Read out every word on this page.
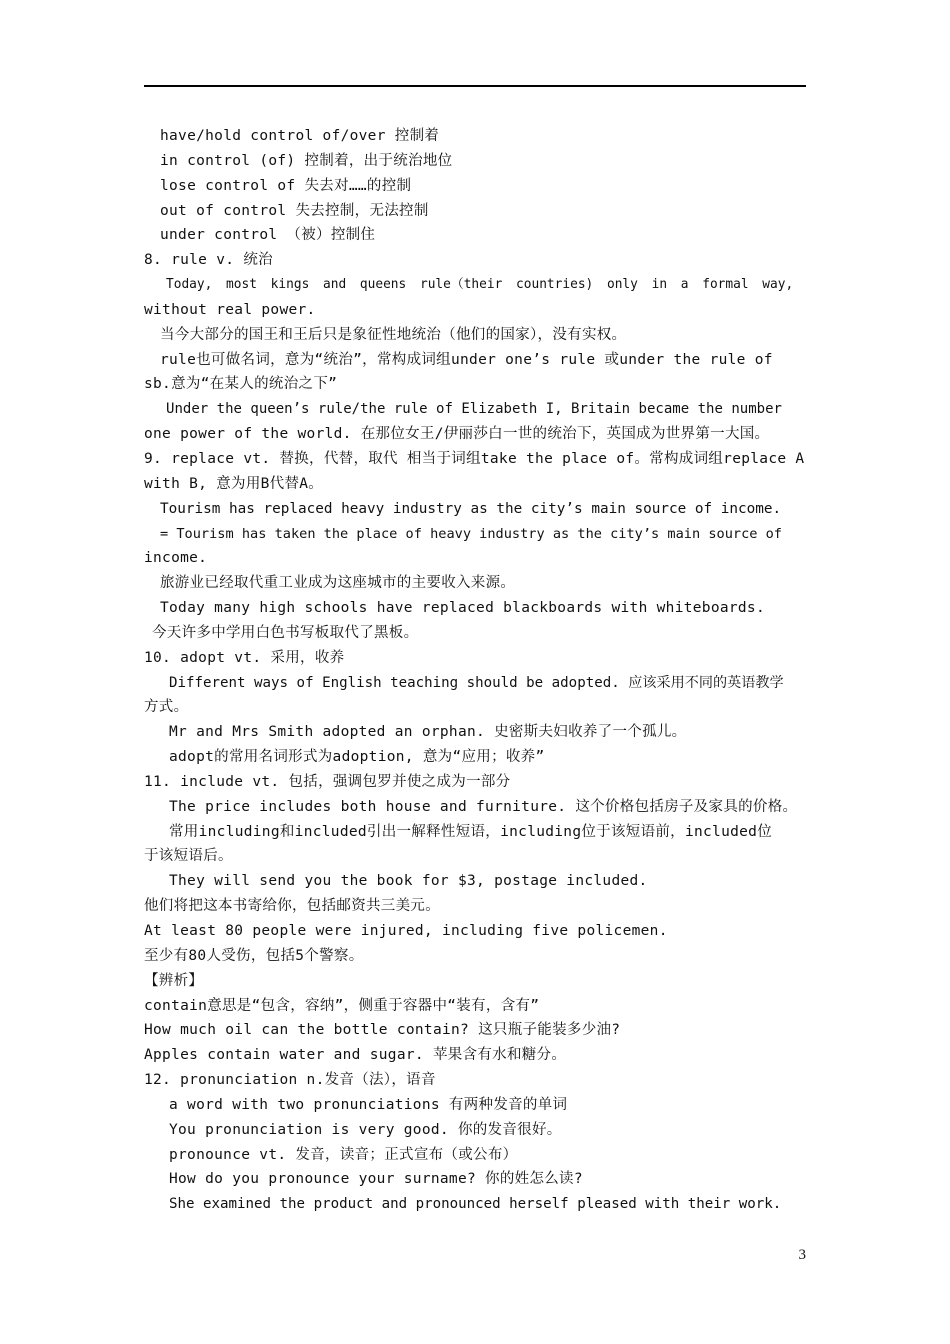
have/hold control of/over 控制着
in control (of) 控制着，出于统治地位
lose control of 失去对……的控制
out of control 失去控制，无法控制
under control （被）控制住
8. rule v. 统治
Today, most kings and queens rule（their countries) only in a formal way,
without real power.
当今大部分的国王和王后只是象征性地统治（他们的国家），没有实权。
rule也可做名词，意为“统治”，常构成词组under one’s rule 或under the rule of
sb.意为“在某人的统治之下”
Under the queen’s rule/the rule of Elizabeth I, Britain became the number
one power of the world. 在那位女王/伊丽莎白一世的统治下，英国成为世界第一大国。
9. replace vt. 替换，代替，取代 相当于词组take the place of。常构成词组replace A
with B, 意为用B代替A。
Tourism has replaced heavy industry as the city’s main source of income.
= Tourism has taken the place of heavy industry as the city’s main source of
income.
旅游业已经取代重工业成为这座城市的主要收入来源。
Today many high schools have replaced blackboards with whiteboards.
今天许多中学用白色书写板取代了黑板。
10. adopt vt. 采用，收养
Different ways of English teaching should be adopted. 应该采用不同的英语教学
方式。
Mr and Mrs Smith adopted an orphan. 史密斯夫妇收养了一个孤儿。
adopt的常用名词形式为adoption, 意为“应用；收养”
11. include vt. 包括，强调包罗并使之成为一部分
The price includes both house and furniture. 这个价格包括房子及家具的价格。
常用including和included引出一解释性短语，including位于该短语前，included位
于该短语后。
They will send you the book for $3, postage included.
他们将把这本书寄给你，包括邮资共三美元。
At least 80 people were injured, including five policemen.
至少有80人受伤，包括5个警察。
【辨析】
contain意思是“包含，容纳”，侧重于容器中“装有，含有”
How much oil can the bottle contain? 这只瓶子能装多少油?
Apples contain water and sugar. 苹果含有水和糖分。
12. pronunciation n.发音（法），语音
a word with two pronunciations 有两种发音的单词
You pronunciation is very good. 你的发音很好。
pronounce vt. 发音，读音；正式宣布（或公布）
How do you pronounce your surname? 你的姓怎么读?
She examined the product and pronounced herself pleased with their work.
3
